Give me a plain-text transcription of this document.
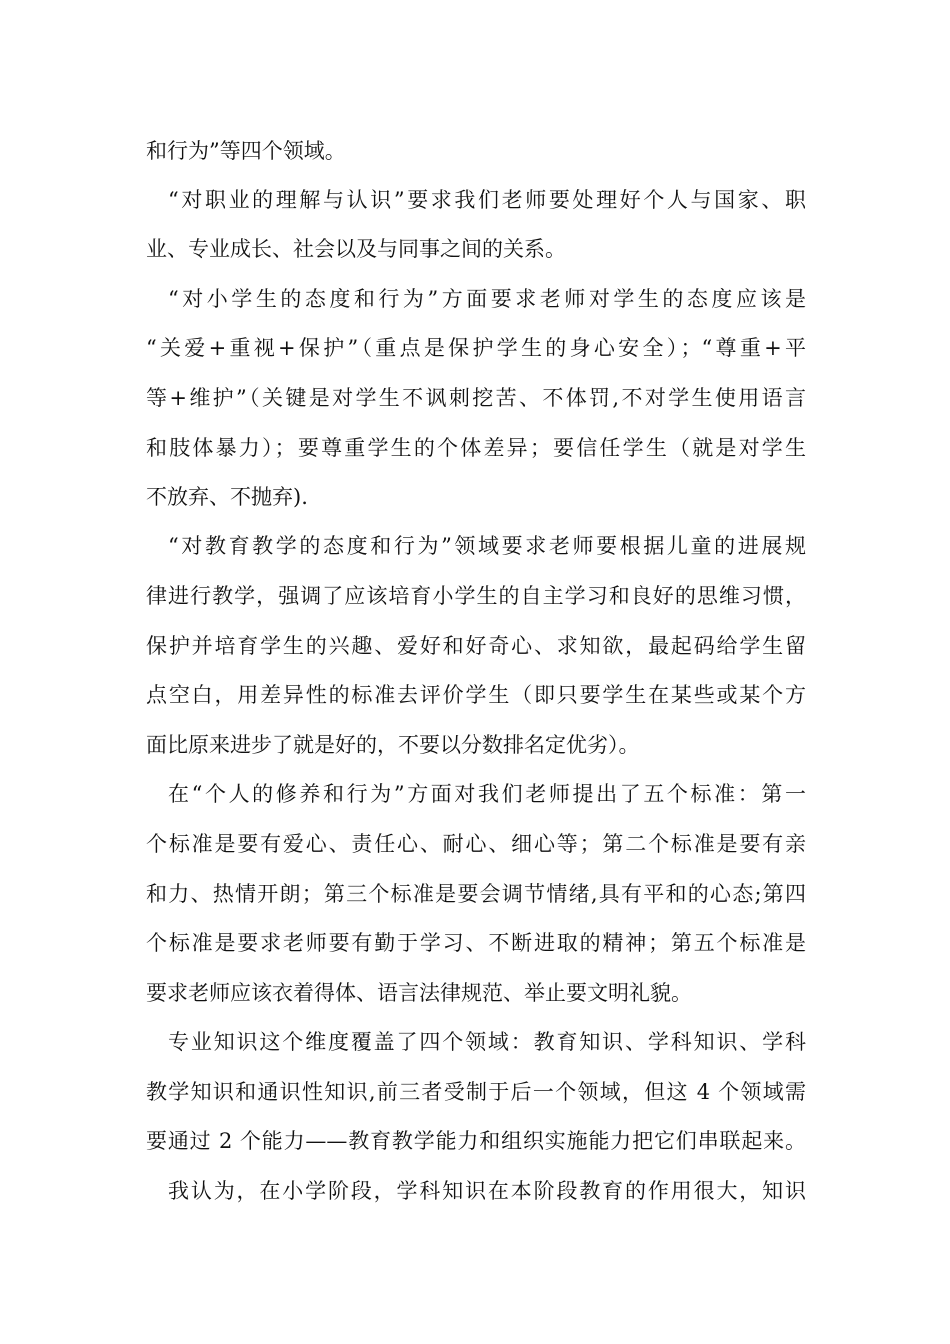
和行为”等四个领域。
“对职业的理解与认识”要求我们老师要处理好个人与国家、职
业、专业成长、社会以及与同事之间的关系。
“对小学生的态度和行为”方面要求老师对学生的态度应该是
“关爱+重视+保护”（重点是保护学生的身心安全）；“尊重+平
等+维护”（关键是对学生不讽刺挖苦、不体罚,不对学生使用语言
和肢体暴力）；要尊重学生的个体差异；要信任学生（就是对学生
不放弃、不抛弃).
“对教育教学的态度和行为”领域要求老师要根据儿童的进展规
律进行教学，强调了应该培育小学生的自主学习和良好的思维习惯，
保护并培育学生的兴趣、爱好和好奇心、求知欲，最起码给学生留
点空白，用差异性的标准去评价学生（即只要学生在某些或某个方
面比原来进步了就是好的，不要以分数排名定优劣）。
在“个人的修养和行为”方面对我们老师提出了五个标准：第一
个标准是要有爱心、责任心、耐心、细心等；第二个标准是要有亲
和力、热情开朗；第三个标准是要会调节情绪,具有平和的心态;第四
个标准是要求老师要有勤于学习、不断进取的精神；第五个标准是
要求老师应该衣着得体、语言法律规范、举止要文明礼貌。
专业知识这个维度覆盖了四个领域：教育知识、学科知识、学科
教学知识和通识性知识,前三者受制于后一个领域，但这 4 个领域需
要通过 2 个能力——教育教学能力和组织实施能力把它们串联起来。
我认为，在小学阶段，学科知识在本阶段教育的作用很大，知识
